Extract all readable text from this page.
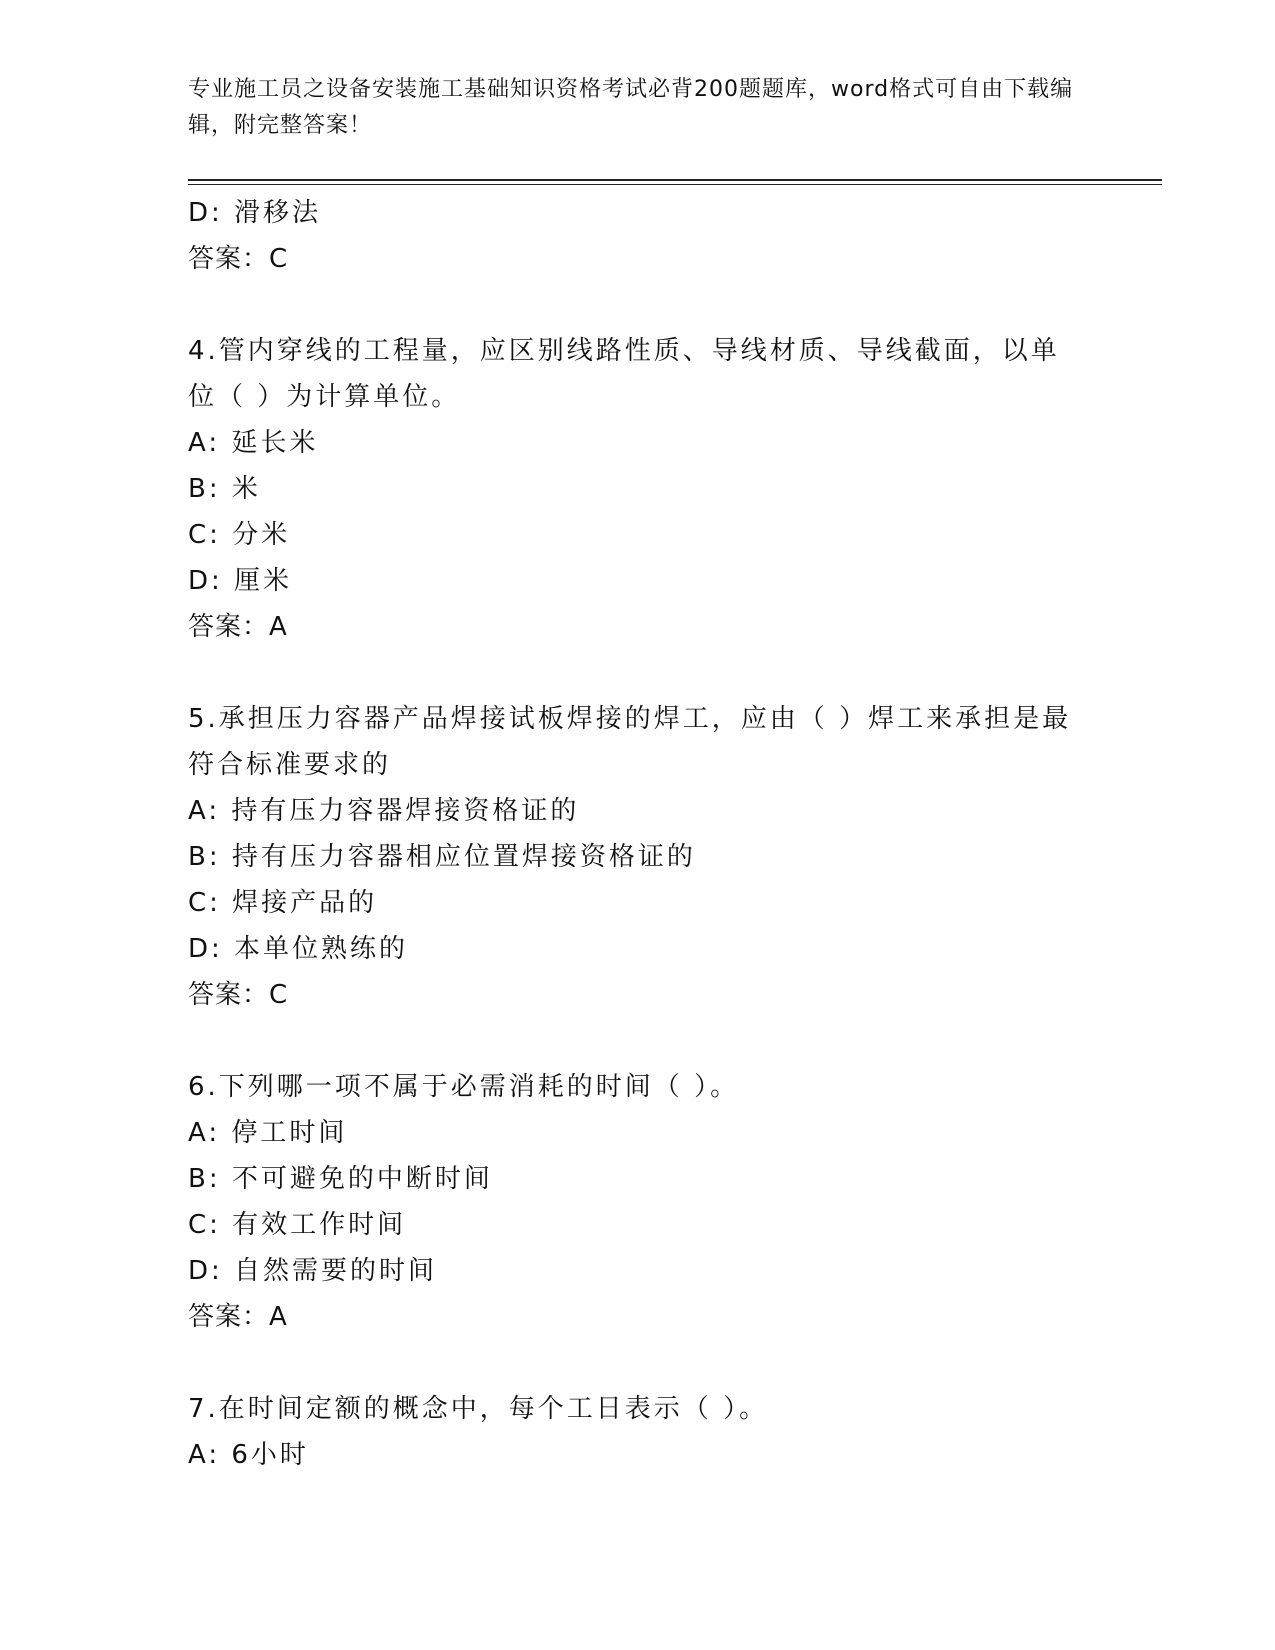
专业施工员之设备安装施工基础知识资格考试必背200题题库，word格式可自由下载编辑，附完整答案！
D: 滑移法
答案：C
4.管内穿线的工程量，应区别线路性质、导线材质、导线截面，以单位（ ）为计算单位。
A: 延长米
B: 米
C: 分米
D: 厘米
答案：A
5.承担压力容器产品焊接试板焊接的焊工，应由（ ）焊工来承担是最符合标准要求的
A: 持有压力容器焊接资格证的
B: 持有压力容器相应位置焊接资格证的
C: 焊接产品的
D: 本单位熟练的
答案：C
6.下列哪一项不属于必需消耗的时间（ ）。
A: 停工时间
B: 不可避免的中断时间
C: 有效工作时间
D: 自然需要的时间
答案：A
7.在时间定额的概念中，每个工日表示（ ）。
A: 6小时
